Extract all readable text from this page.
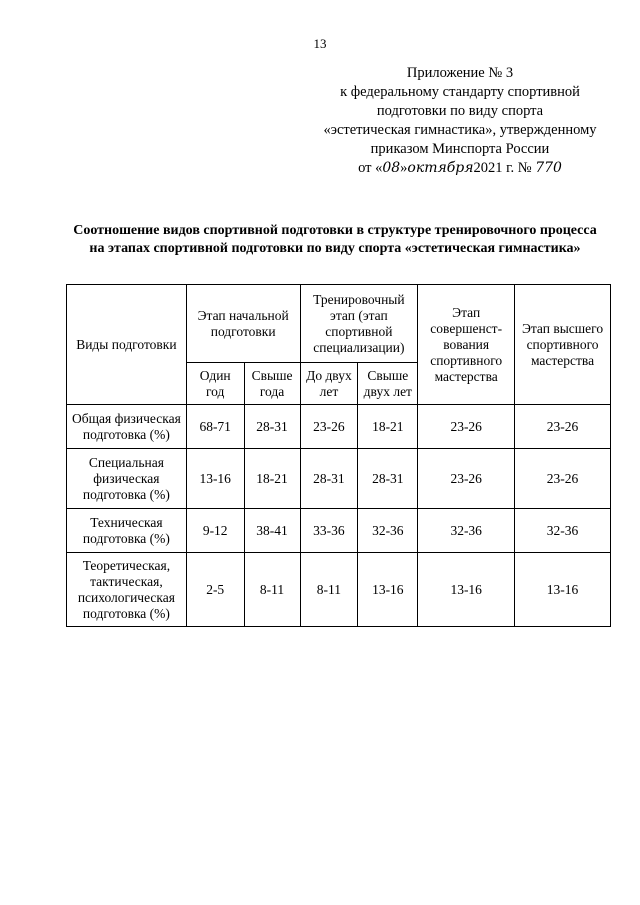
13
Приложение № 3
к федеральному стандарту спортивной
подготовки по виду спорта
«эстетическая гимнастика», утвержденному
приказом Минспорта России
от «08»октября2021 г. № 770
Соотношение видов спортивной подготовки в структуре тренировочного процесса на этапах спортивной подготовки по виду спорта «эстетическая гимнастика»
Виды подготовки	Этап начальной подготовки		Тренировочный этап (этап спортивной специализации)		Этап совершенст-вования спортивного мастерства	Этап высшего спортивного мастерства
	Один год	Свыше года	До двух лет	Свыше двух лет		
Общая физическая подготовка (%)	68-71	28-31	23-26	18-21	23-26	23-26
Специальная физическая подготовка (%)	13-16	18-21	28-31	28-31	23-26	23-26
Техническая подготовка (%)	9-12	38-41	33-36	32-36	32-36	32-36
Теоретическая, тактическая, психологическая подготовка (%)	2-5	8-11	8-11	13-16	13-16	13-16
